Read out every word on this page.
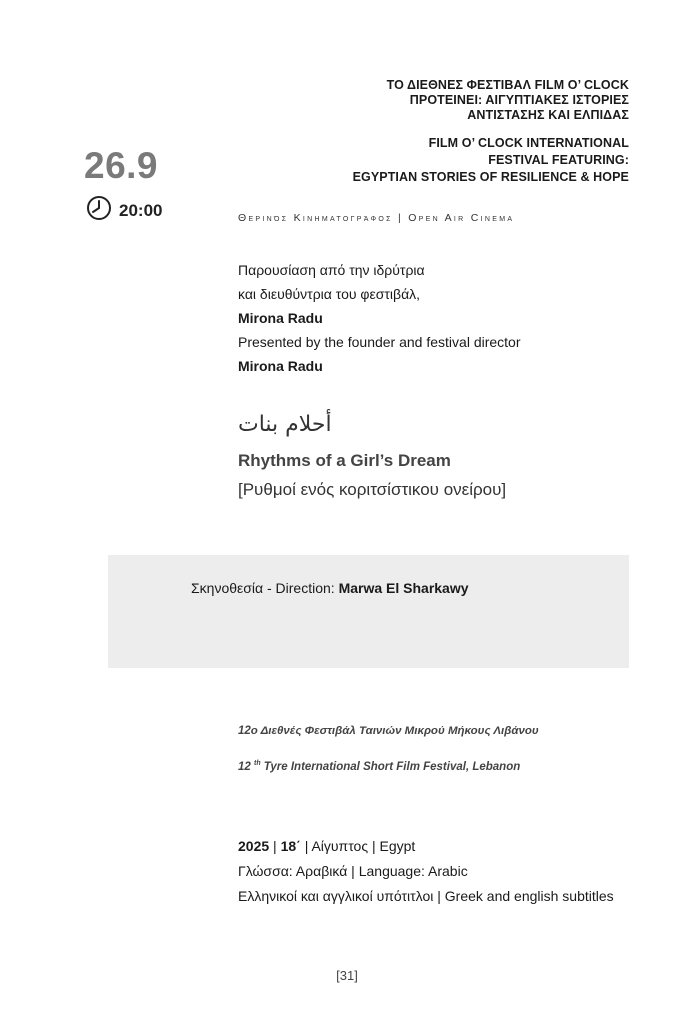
ΤΟ ΔΙΕΘΝΕΣ ΦΕΣΤΙΒΑΛ FILM O’ CLOCK
ΠΡΟΤΕΙΝΕΙ: ΑΙΓΥΠΤΙΑΚΕΣ ΙΣΤΟΡΙΕΣ
ΑΝΤΙΣΤΑΣΗΣ ΚΑΙ ΕΛΠΙΔΑΣ
FILM O’ CLOCK INTERNATIONAL
FESTIVAL FEATURING:
EGYPTIAN STORIES OF RESILIENCE & HOPE
26.9
20:00	Θερινός Κινηματογράφος | Open Air Cinema
Παρουσίαση από την ιδρύτρια
και διευθύντρια του φεστιβάλ,
Mirona Radu
Presented by the founder and festival director
Mirona Radu
أحلام بنات
Rhythms of a Girl’s Dream
[Ρυθμοί ενός κοριτσίστικου ονείρου]
Σκηνοθεσία - Direction: Marwa El Sharkawy
12ο Διεθνές Φεστιβάλ Ταινιών Μικρού Μήκους Λιβάνου
12 $^{th}$ Tyre International Short Film Festival, Lebanon
2025 | 18΄ | Αίγυπτος | Egypt
Γλώσσα: Αραβικά | Language: Arabic
Ελληνικοί και αγγλικοί υπότιτλοι | Greek and english subtitles
[31]
